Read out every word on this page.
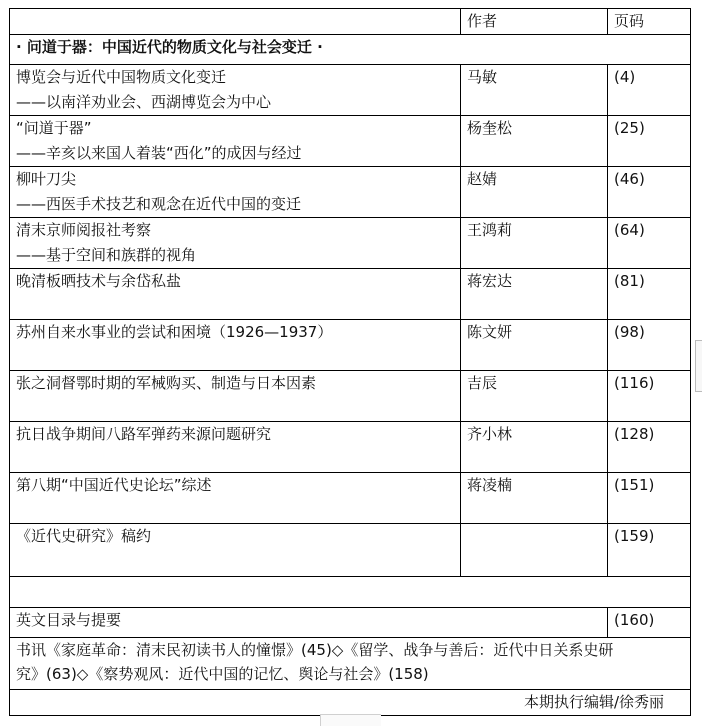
	作者	页码
· 问道于器：中国近代的物质文化与社会变迁 ·		

博览会与近代中国物质文化变迁
——以南洋劝业会、西湖博览会为中心	马敏	(4)

“问道于器”
——辛亥以来国人着装“西化”的成因与经过	杨奎松	(25)

柳叶刀尖
——西医手术技艺和观念在近代中国的变迁	赵婧	(46)

清末京师阅报社考察
——基于空间和族群的视角	王鸿莉	(64)

晚清板晒技术与余岱私盐	蒋宏达	(81)

苏州自来水事业的尝试和困境（1926—1937）	陈文妍	(98)

张之洞督鄂时期的军械购买、制造与日本因素	吉辰	(116)

抗日战争期间八路军弹药来源问题研究	齐小林	(128)

第八期“中国近代史论坛”综述	蒋凌楠	(151)

《近代史研究》稿约		(159)

英文目录与提要		(160)

书讯《家庭革命：清末民初读书人的憧憬》(45)◇《留学、战争与善后：近代中日关系史研
究》(63)◇《察势观风：近代中国的记忆、舆论与社会》(158)		

本期执行编辑/徐秀丽		
